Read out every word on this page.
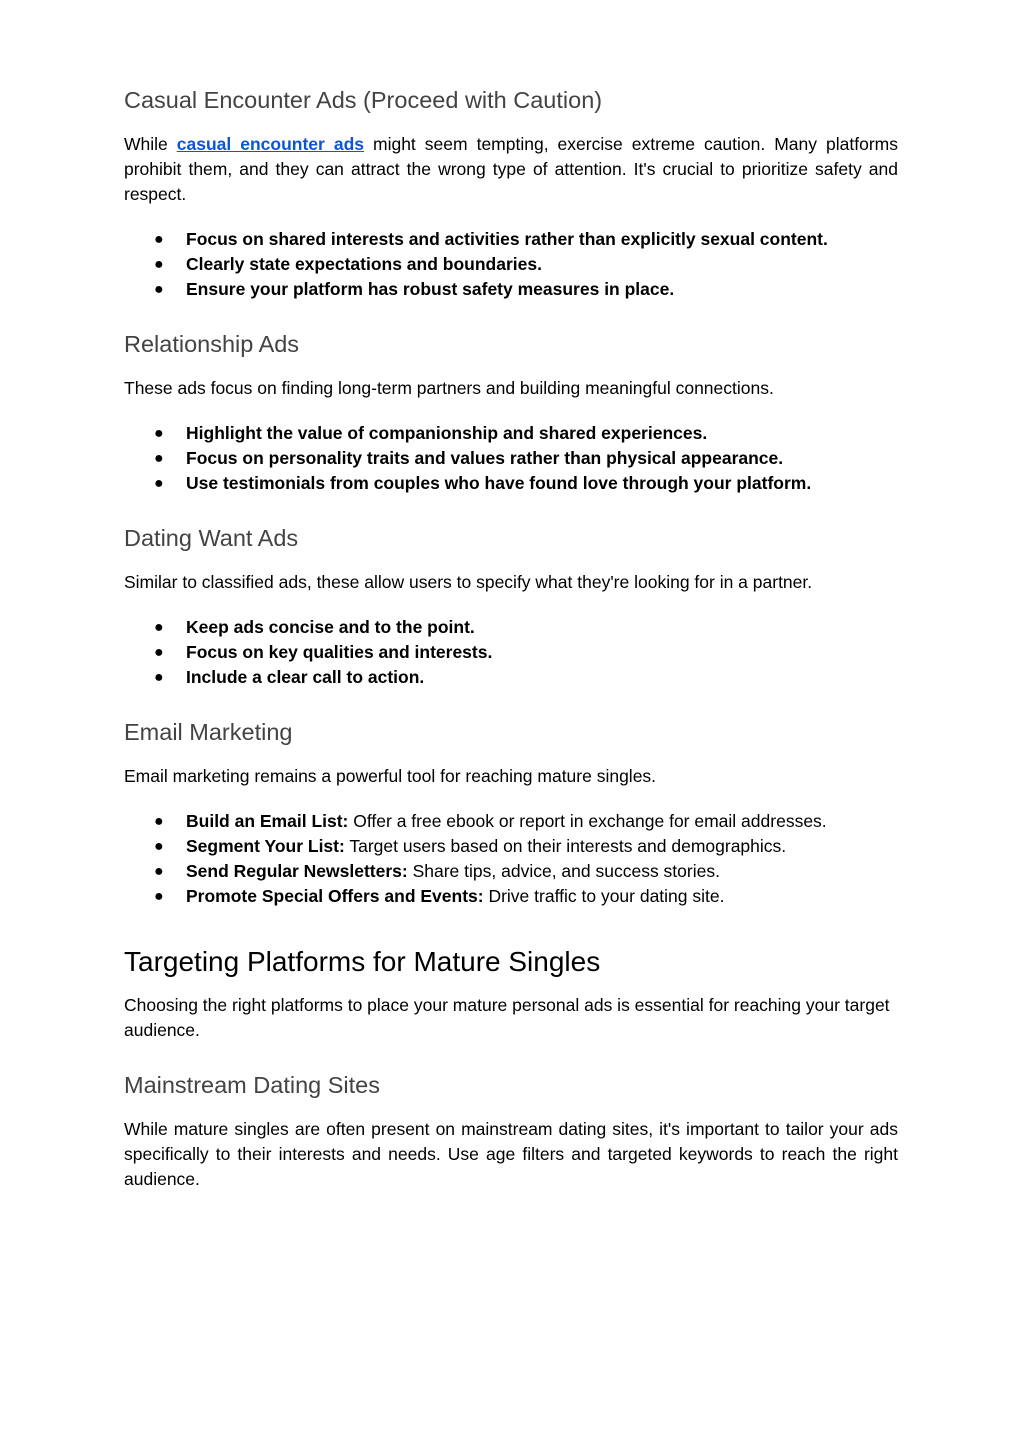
Casual Encounter Ads (Proceed with Caution)

While casual encounter ads might seem tempting, exercise extreme caution. Many platforms prohibit them, and they can attract the wrong type of attention. It's crucial to prioritize safety and respect.

● Focus on shared interests and activities rather than explicitly sexual content.
● Clearly state expectations and boundaries.
● Ensure your platform has robust safety measures in place.
Relationship Ads

These ads focus on finding long-term partners and building meaningful connections.

● Highlight the value of companionship and shared experiences.
● Focus on personality traits and values rather than physical appearance.
● Use testimonials from couples who have found love through your platform.
Dating Want Ads

Similar to classified ads, these allow users to specify what they're looking for in a partner.

● Keep ads concise and to the point.
● Focus on key qualities and interests.
● Include a clear call to action.
Email Marketing

Email marketing remains a powerful tool for reaching mature singles.

● Build an Email List: Offer a free ebook or report in exchange for email addresses.
● Segment Your List: Target users based on their interests and demographics.
● Send Regular Newsletters: Share tips, advice, and success stories.
● Promote Special Offers and Events: Drive traffic to your dating site.
Targeting Platforms for Mature Singles

Choosing the right platforms to place your mature personal ads is essential for reaching your target audience.

Mainstream Dating Sites

While mature singles are often present on mainstream dating sites, it's important to tailor your ads specifically to their interests and needs. Use age filters and targeted keywords to reach the right audience.
